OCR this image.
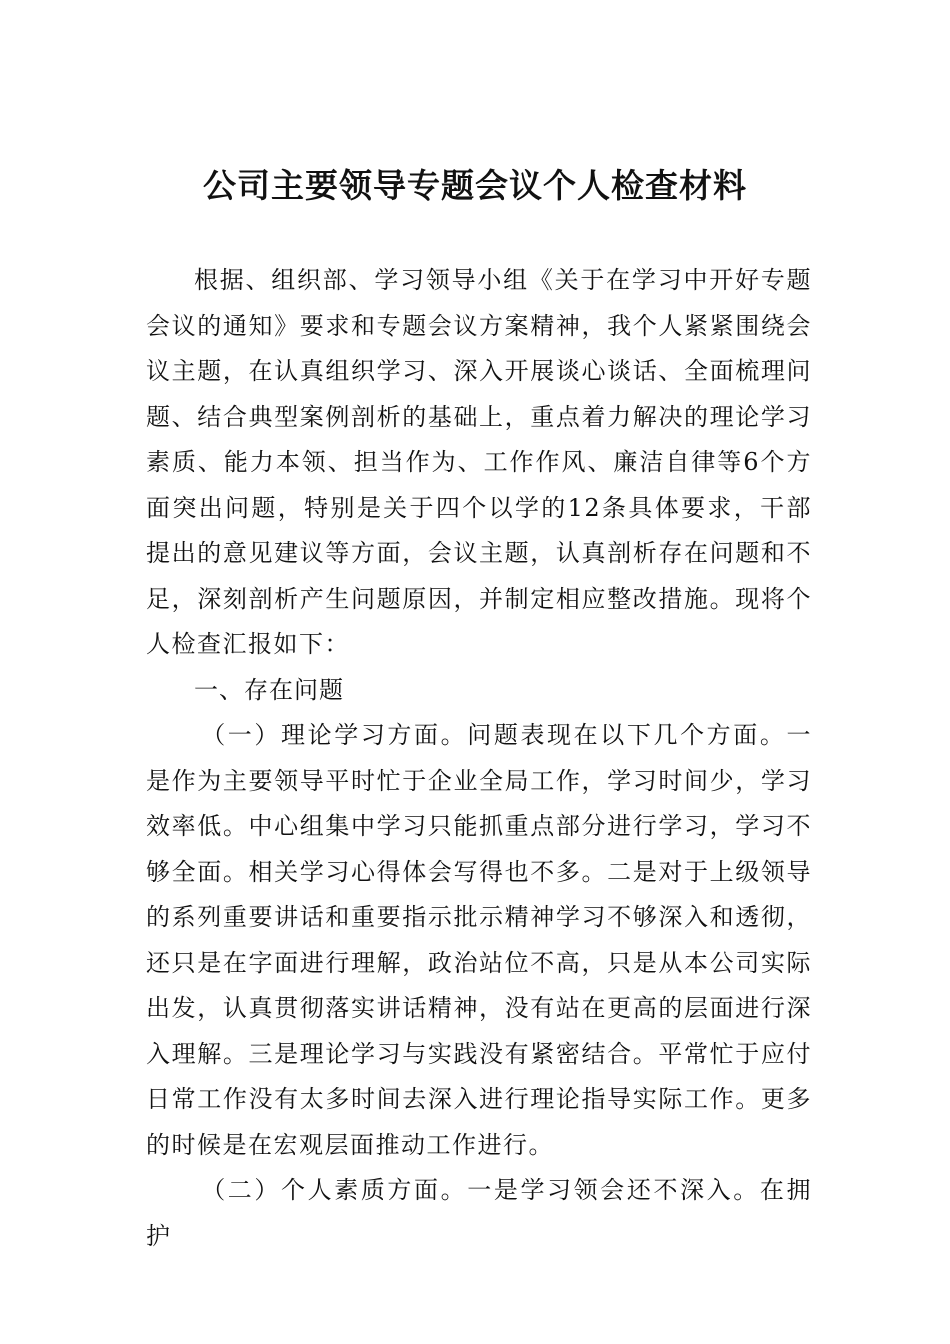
公司主要领导专题会议个人检查材料

根据、组织部、学习领导小组《关于在学习中开好专题会议的通知》要求和专题会议方案精神，我个人紧紧围绕会议主题，在认真组织学习、深入开展谈心谈话、全面梳理问题、结合典型案例剖析的基础上，重点着力解决的理论学习素质、能力本领、担当作为、工作作风、廉洁自律等6个方面突出问题，特别是关于四个以学的12条具体要求，干部提出的意见建议等方面，会议主题，认真剖析存在问题和不足，深刻剖析产生问题原因，并制定相应整改措施。现将个人检查汇报如下：

一、存在问题

（一）理论学习方面。问题表现在以下几个方面。一是作为主要领导平时忙于企业全局工作，学习时间少，学习效率低。中心组集中学习只能抓重点部分进行学习，学习不够全面。相关学习心得体会写得也不多。二是对于上级领导的系列重要讲话和重要指示批示精神学习不够深入和透彻，还只是在字面进行理解，政治站位不高，只是从本公司实际出发，认真贯彻落实讲话精神，没有站在更高的层面进行深入理解。三是理论学习与实践没有紧密结合。平常忙于应付日常工作没有太多时间去深入进行理论指导实际工作。更多的时候是在宏观层面推动工作进行。

（二）个人素质方面。一是学习领会还不深入。在拥护
